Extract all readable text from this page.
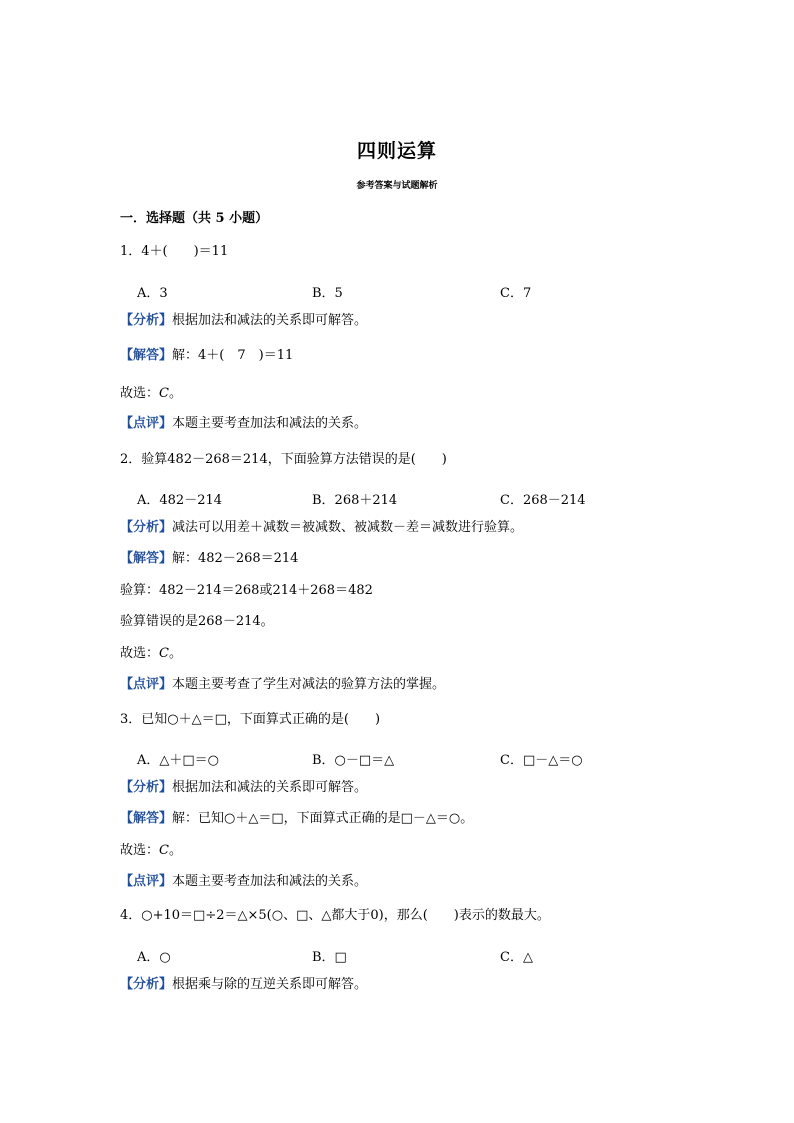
四则运算
参考答案与试题解析
一．选择题（共 5 小题）
1．4＋(　　)＝11
A．3	B．5	C．7
【分析】根据加法和减法的关系即可解答。
【解答】解：4＋(　7　)＝11
故选：C。
【点评】本题主要考查加法和减法的关系。
2．验算482－268＝214，下面验算方法错误的是(　　)
A．482－214	B．268＋214	C．268－214
【分析】减法可以用差＋减数＝被减数、被减数－差＝减数进行验算。
【解答】解：482－268＝214
验算：482－214＝268或214＋268＝482
验算错误的是268－214。
故选：C。
【点评】本题主要考查了学生对减法的验算方法的掌握。
3．已知○＋△＝□，下面算式正确的是(　　)
A．△＋□＝○	B．○－□＝△	C．□－△＝○
【分析】根据加法和减法的关系即可解答。
【解答】解：已知○＋△＝□，下面算式正确的是□－△＝○。
故选：C。
【点评】本题主要考查加法和减法的关系。
4．○+10＝□÷2＝△×5(○、□、△都大于0)，那么(　　)表示的数最大。
A．○	B．□	C．△
【分析】根据乘与除的互逆关系即可解答。
